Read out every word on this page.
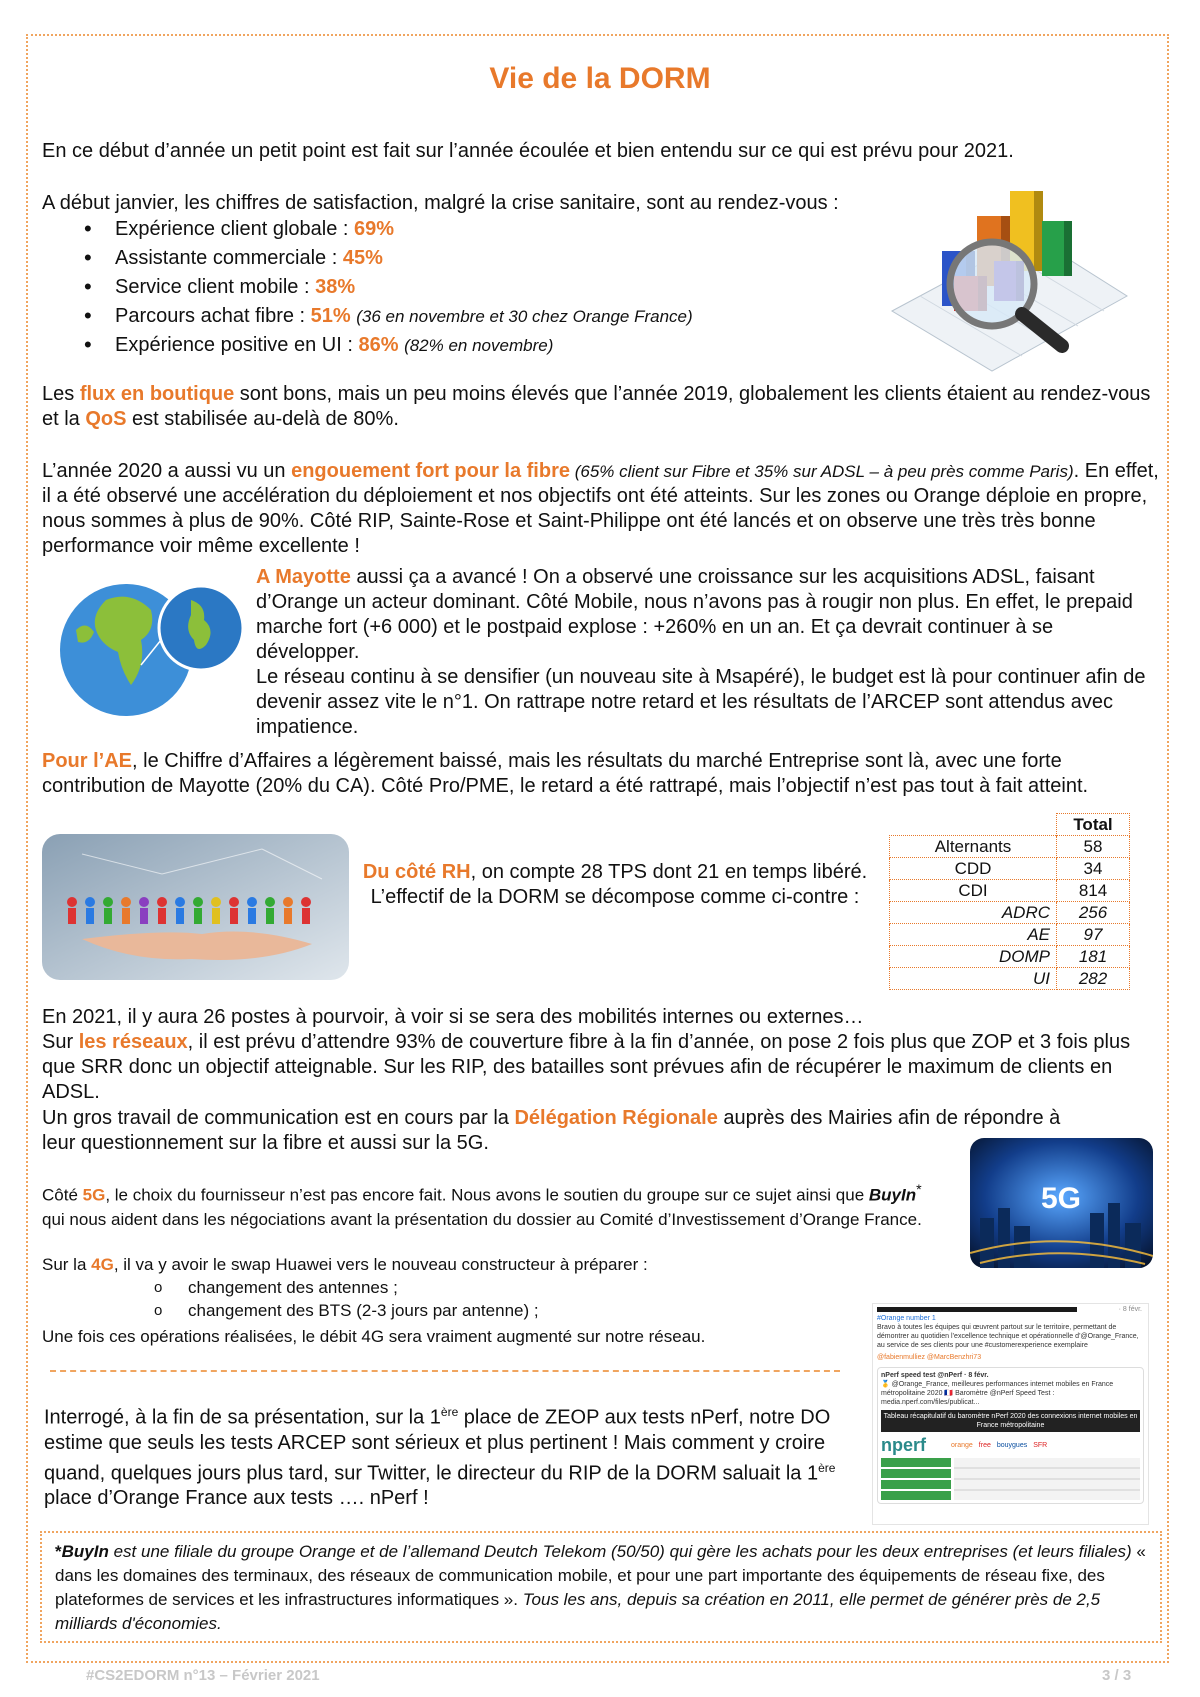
Vie de la DORM
En ce début d’année un petit point est fait sur l’année écoulée et bien entendu sur ce qui est prévu pour 2021.
A début janvier, les chiffres de satisfaction, malgré la crise sanitaire, sont au rendez-vous :
• Expérience client globale : 69%
• Assistante commerciale : 45%
• Service client mobile : 38%
• Parcours achat fibre : 51% (36 en novembre et 30 chez Orange France)
• Expérience positive en UI : 86% (82% en novembre)
Les flux en boutique sont bons, mais un peu moins élevés que l’année 2019, globalement les clients étaient au rendez-vous et la QoS est stabilisée au-delà de 80%.
L’année 2020 a aussi vu un engouement fort pour la fibre (65% client sur Fibre et 35% sur ADSL – à peu près comme Paris). En effet, il a été observé une accélération du déploiement et nos objectifs ont été atteints. Sur les zones ou Orange déploie en propre, nous sommes à plus de 90%. Côté RIP, Sainte-Rose et Saint-Philippe ont été lancés et on observe une très très bonne performance voir même excellente !
A Mayotte aussi ça a avancé ! On a observé une croissance sur les acquisitions ADSL, faisant d’Orange un acteur dominant. Côté Mobile, nous n’avons pas à rougir non plus. En effet, le prepaid marche fort (+6 000) et le postpaid explose : +260% en un an. Et ça devrait continuer à se développer.
Le réseau continu à se densifier (un nouveau site à Msapéré), le budget est là pour continuer afin de devenir assez vite le n°1. On rattrape notre retard et les résultats de l’ARCEP sont attendus avec impatience.
Pour l’AE, le Chiffre d’Affaires a légèrement baissé, mais les résultats du marché Entreprise sont là, avec une forte contribution de Mayotte (20% du CA). Côté Pro/PME, le retard a été rattrapé, mais l’objectif n’est pas tout à fait atteint.
Du côté RH, on compte 28 TPS dont 21 en temps libéré. L’effectif de la DORM se décompose comme ci-contre :
	Total
Alternants	58
CDD	34
CDI	814
ADRC	256
AE	97
DOMP	181
UI	282
En 2021, il y aura 26 postes à pourvoir, à voir si se sera des mobilités internes ou externes…
Sur les réseaux, il est prévu d’attendre 93% de couverture fibre à la fin d’année, on pose 2 fois plus que ZOP et 3 fois plus que SRR donc un objectif atteignable. Sur les RIP, des batailles sont prévues afin de récupérer le maximum de clients en ADSL.
Un gros travail de communication est en cours par la Délégation Régionale auprès des Mairies afin de répondre à leur questionnement sur la fibre et aussi sur la 5G.
5G
Côté 5G, le choix du fournisseur n’est pas encore fait. Nous avons le soutien du groupe sur ce sujet ainsi que BuyIn* qui nous aident dans les négociations avant la présentation du dossier au Comité d’Investissement d’Orange France.
Sur la 4G, il va y avoir le swap Huawei vers le nouveau constructeur à préparer :
o changement des antennes ;
o changement des BTS (2-3 jours par antenne) ;
Une fois ces opérations réalisées, le débit 4G sera vraiment augmenté sur notre réseau.
· 8 févr.
#Orange number 1
Bravo à toutes les équipes qui œuvrent partout sur le territoire, permettant de démontrer au quotidien l’excellence technique et opérationnelle d’@Orange_France, au service de ses clients pour une #customerexperience exemplaire
@fabienmulliez @MarcBenzhri73
nPerf speed test @nPerf · 8 févr.
🥇 @Orange_France, meilleures performances internet mobiles en France métropolitaine 2020 🇫🇷 Baromètre @nPerf Speed Test : media.nperf.com/files/publicat...
Tableau récapitulatif du baromètre nPerf 2020 des connexions internet mobiles en France métropolitaine
nperf	orange free bouygues SFR
Interrogé, à la fin de sa présentation, sur la 1ère place de ZEOP aux tests nPerf, notre DO estime que seuls les tests ARCEP sont sérieux et plus pertinent ! Mais comment y croire quand, quelques jours plus tard, sur Twitter, le directeur du RIP de la DORM saluait la 1ère place d’Orange France aux tests …. nPerf !
*BuyIn est une filiale du groupe Orange et de l’allemand Deutch Telekom (50/50) qui gère les achats pour les deux entreprises (et leurs filiales) « dans les domaines des terminaux, des réseaux de communication mobile, et pour une part importante des équipements de réseau fixe, des plateformes de services et les infrastructures informatiques ». Tous les ans, depuis sa création en 2011, elle permet de générer près de 2,5 milliards d'économies.
#CS2EDORM n°13 – Février 2021	3 / 3
